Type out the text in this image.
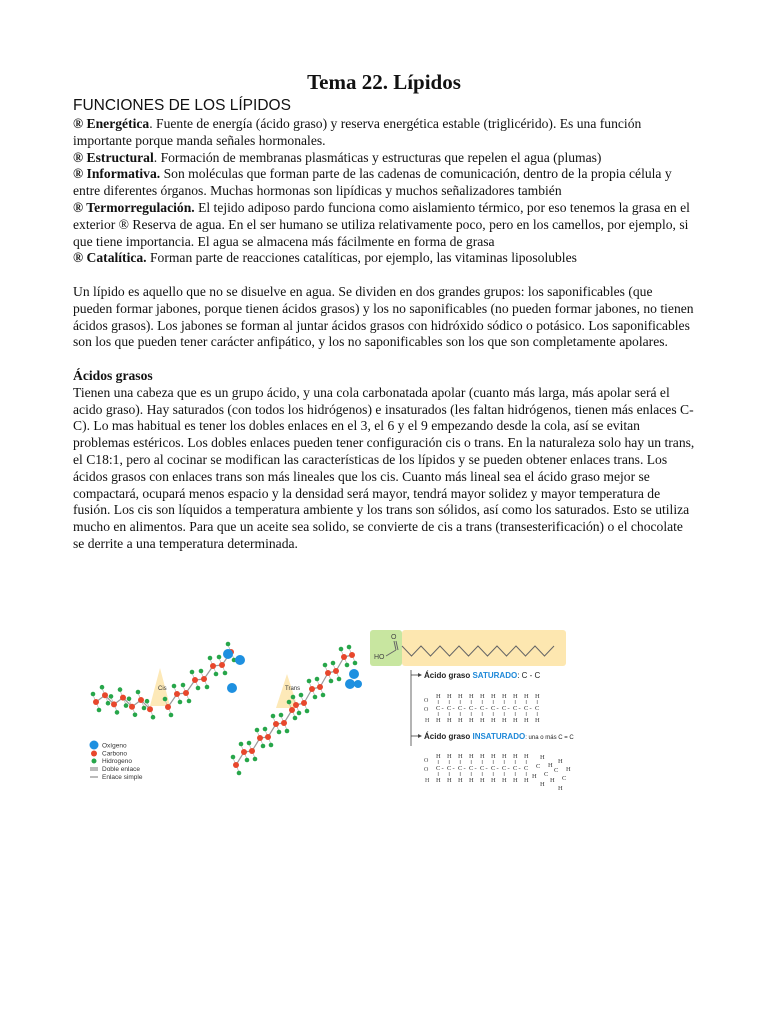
Tema 22. Lípidos
FUNCIONES DE LOS LÍPIDOS

® Energética. Fuente de energía (ácido graso) y reserva energética estable (triglicérido). Es una función importante porque manda señales hormonales.

® Estructural. Formación de membranas plasmáticas y estructuras que repelen el agua (plumas)

® Informativa. Son moléculas que forman parte de las cadenas de comunicación, dentro de la propia célula y entre diferentes órganos. Muchas hormonas son lipídicas y muchos señalizadores también

® Termorregulación. El tejido adiposo pardo funciona como aislamiento térmico, por eso tenemos la grasa en el exterior ® Reserva de agua. En el ser humano se utiliza relativamente poco, pero en los camellos, por ejemplo, si que tiene importancia. El agua se almacena más fácilmente en forma de grasa

® Catalítica. Forman parte de reacciones catalíticas, por ejemplo, las vitaminas liposolubles

Un lípido es aquello que no se disuelve en agua. Se dividen en dos grandes grupos: los saponificables (que pueden formar jabones, porque tienen ácidos grasos) y los no saponificables (no pueden formar jabones, no tienen ácidos grasos). Los jabones se forman al juntar ácidos grasos con hidróxido sódico o potásico. Los saponificables son los que pueden tener carácter anfipático, y los no saponificables son los que son completamente apolares.

Ácidos grasos

Tienen una cabeza que es un grupo ácido, y una cola carbonatada apolar (cuanto más larga, más apolar será el acido graso). Hay saturados (con todos los hidrógenos) e insaturados (les faltan hidrógenos, tienen más enlaces C-C). Lo mas habitual es tener los dobles enlaces en el 3, el 6 y el 9 empezando desde la cola, así se evitan problemas estéricos. Los dobles enlaces pueden tener configuración cis o trans. En la naturaleza solo hay un trans, el C18:1, pero al cocinar se modifican las características de los lípidos y se pueden obtener enlaces trans. Los ácidos grasos con enlaces trans son más lineales que los cis. Cuanto más lineal sea el ácido graso mejor se compactará, ocupará menos espacio y la densidad será mayor, tendrá mayor solidez y mayor temperatura de fusión. Los cis son líquidos a temperatura ambiente y los trans son sólidos, así como los saturados. Esto se utiliza mucho en alimentos. Para que un aceite sea solido, se convierte de cis a trans (transesterificación) o el chocolate se derrite a una temperatura determinada.

Cis	Trans
Oxígeno
Carbono
Hidrogeno
Doble enlace
Enlace simple
HO
O
Ácido graso SATURADO: C - C
Ácido graso INSATURADO: una o más C = C
O
O
H
C -
H
H
C -
H
H
C -
H
H
C -
H
H
C -
H
H
C -
H
H
C -
H
H
C -
H
H
C -
H
H
C
H
H
O
O
H
C -
H
H
C -
H
H
C -
H
H
C -
H
H
C -
H
H
C -
H
H
C -
H
H
C -
H
H
C
H
H
C
H
H C
H
H
C
H
H C
H
H
